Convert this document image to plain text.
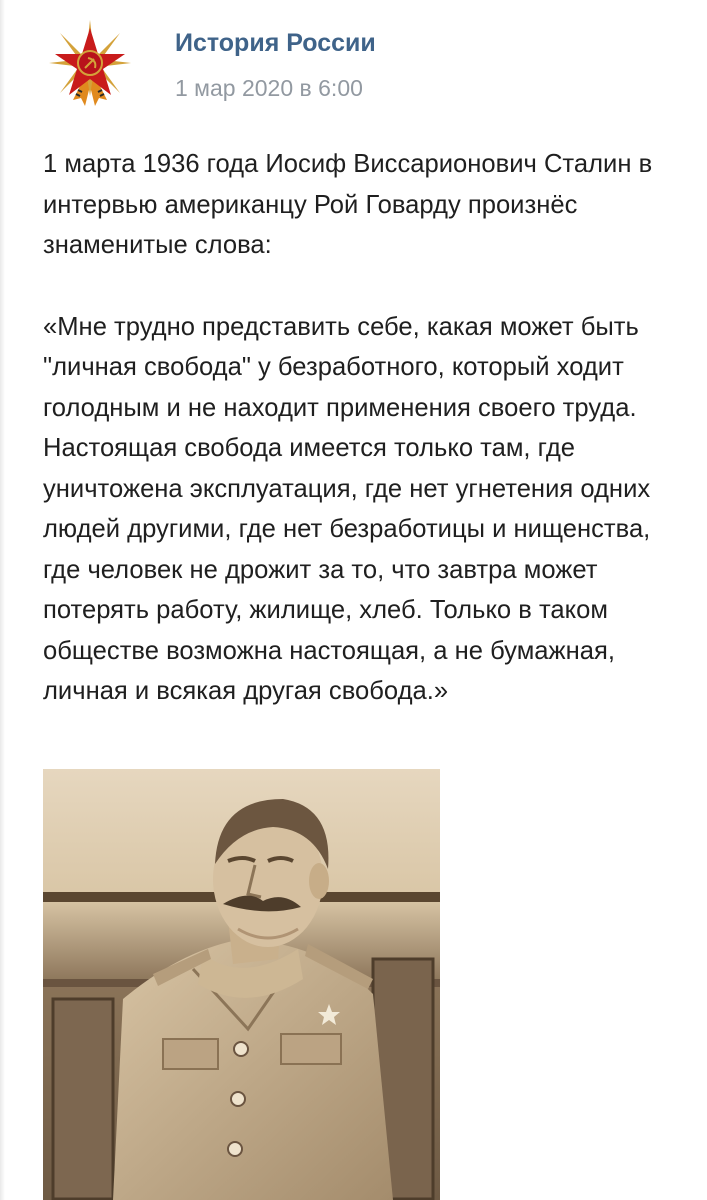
История России
1 мар 2020 в 6:00

1 марта 1936 года Иосиф Виссарионович Сталин в интервью американцу Рой Говарду произнёс знаменитые слова:

«Мне трудно представить себе, какая может быть "личная свобода" у безработного, который ходит голодным и не находит применения своего труда. Настоящая свобода имеется только там, где уничтожена эксплуатация, где нет угнетения одних людей другими, где нет безработицы и нищенства, где человек не дрожит за то, что завтра может потерять работу, жилище, хлеб. Только в таком обществе возможна настоящая, а не бумажная, личная и всякая другая свобода.»
